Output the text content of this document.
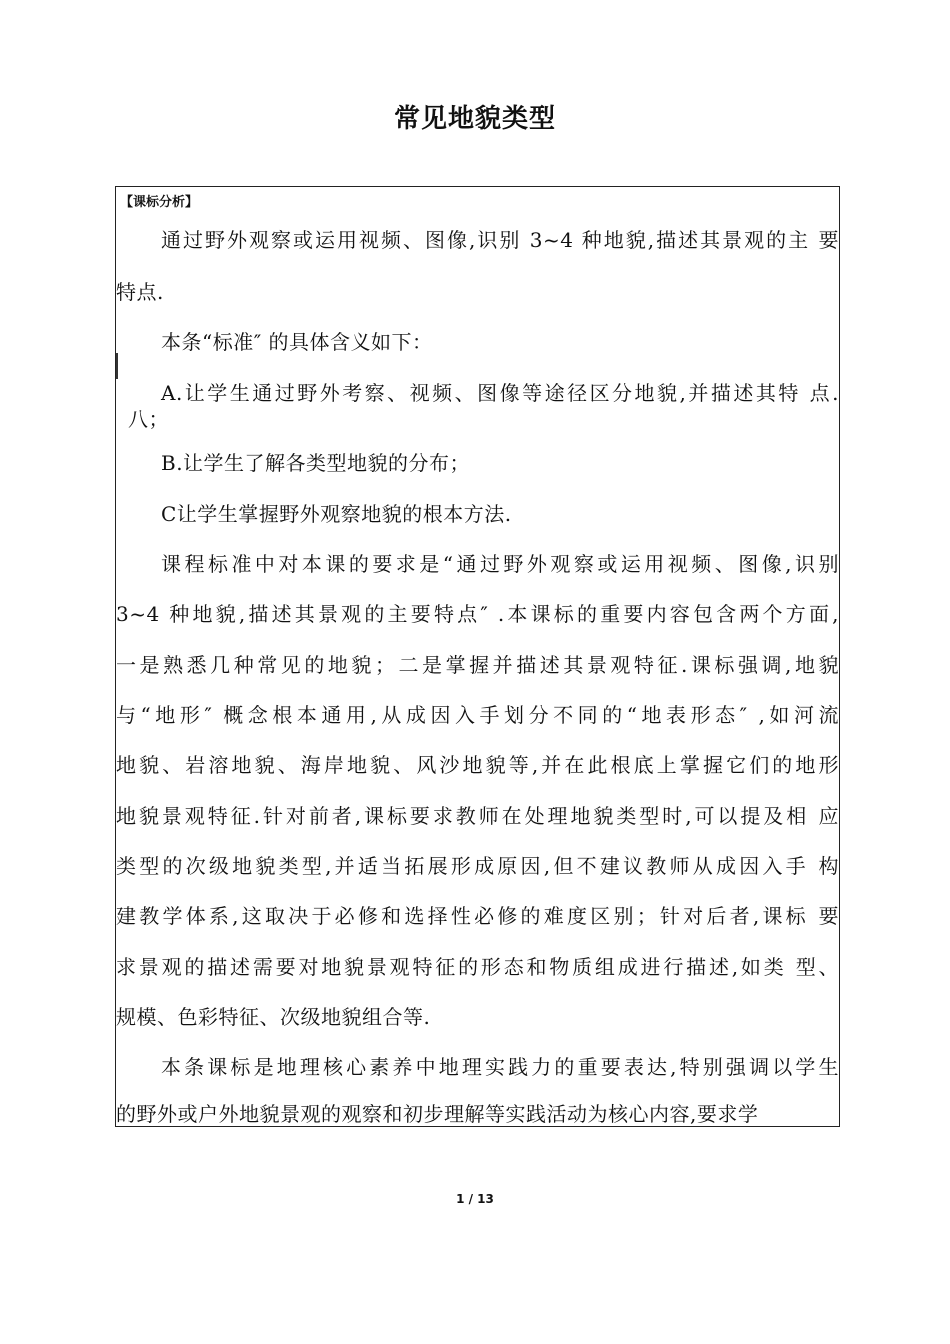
常见地貌类型
【课标分析】
通过野外观察或运用视频、图像,识别 3~4 种地貌,描述其景观的主 要
特点.
本条“标准″ 的具体含义如下：
A.让学生通过野外考察、视频、图像等途径区分地貌,并描述其特 点.
八；
B.让学生了解各类型地貌的分布；
C让学生掌握野外观察地貌的根本方法.
课程标准中对本课的要求是“通过野外观察或运用视频、图像,识别
3~4 种地貌,描述其景观的主要特点″ .本课标的重要内容包含两个方面,
一是熟悉几种常见的地貌；二是掌握并描述其景观特征.课标强调,地貌
与“地形″ 概念根本通用,从成因入手划分不同的“地表形态″ ,如河流
地貌、岩溶地貌、海岸地貌、风沙地貌等,并在此根底上掌握它们的地形
地貌景观特征.针对前者,课标要求教师在处理地貌类型时,可以提及相 应
类型的次级地貌类型,并适当拓展形成原因,但不建议教师从成因入手 构
建教学体系,这取决于必修和选择性必修的难度区别；针对后者,课标 要
求景观的描述需要对地貌景观特征的形态和物质组成进行描述,如类 型、
规模、色彩特征、次级地貌组合等.
本条课标是地理核心素养中地理实践力的重要表达,特别强调以学生
的野外或户外地貌景观的观察和初步理解等实践活动为核心内容,要求学
1 / 13
